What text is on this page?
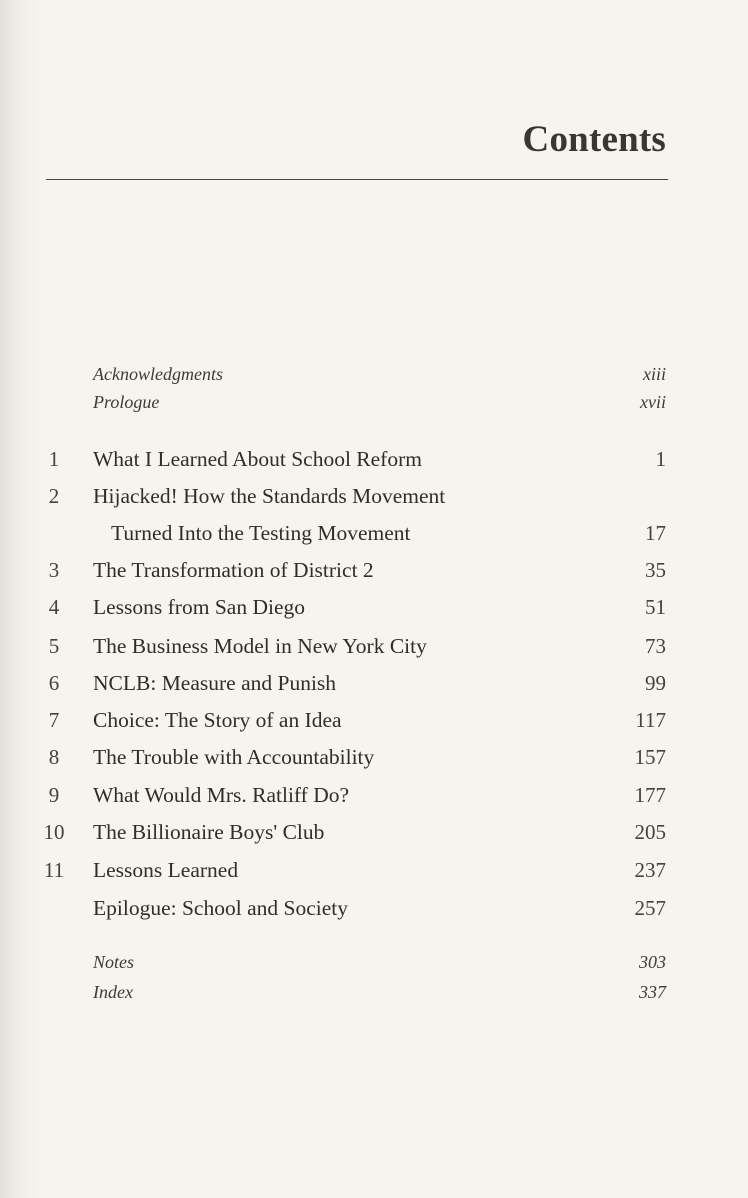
Contents
Acknowledgments	xiii
Prologue	xvii
1	What I Learned About School Reform	1
2	Hijacked! How the Standards Movement
Turned Into the Testing Movement	17
3	The Transformation of District 2	35
4	Lessons from San Diego	51
5	The Business Model in New York City	73
6	NCLB: Measure and Punish	99
7	Choice: The Story of an Idea	117
8	The Trouble with Accountability	157
9	What Would Mrs. Ratliff Do?	177
10 The Billionaire Boys' Club	205
11 Lessons Learned	237
Epilogue: School and Society	257
Notes	303
Index	337
